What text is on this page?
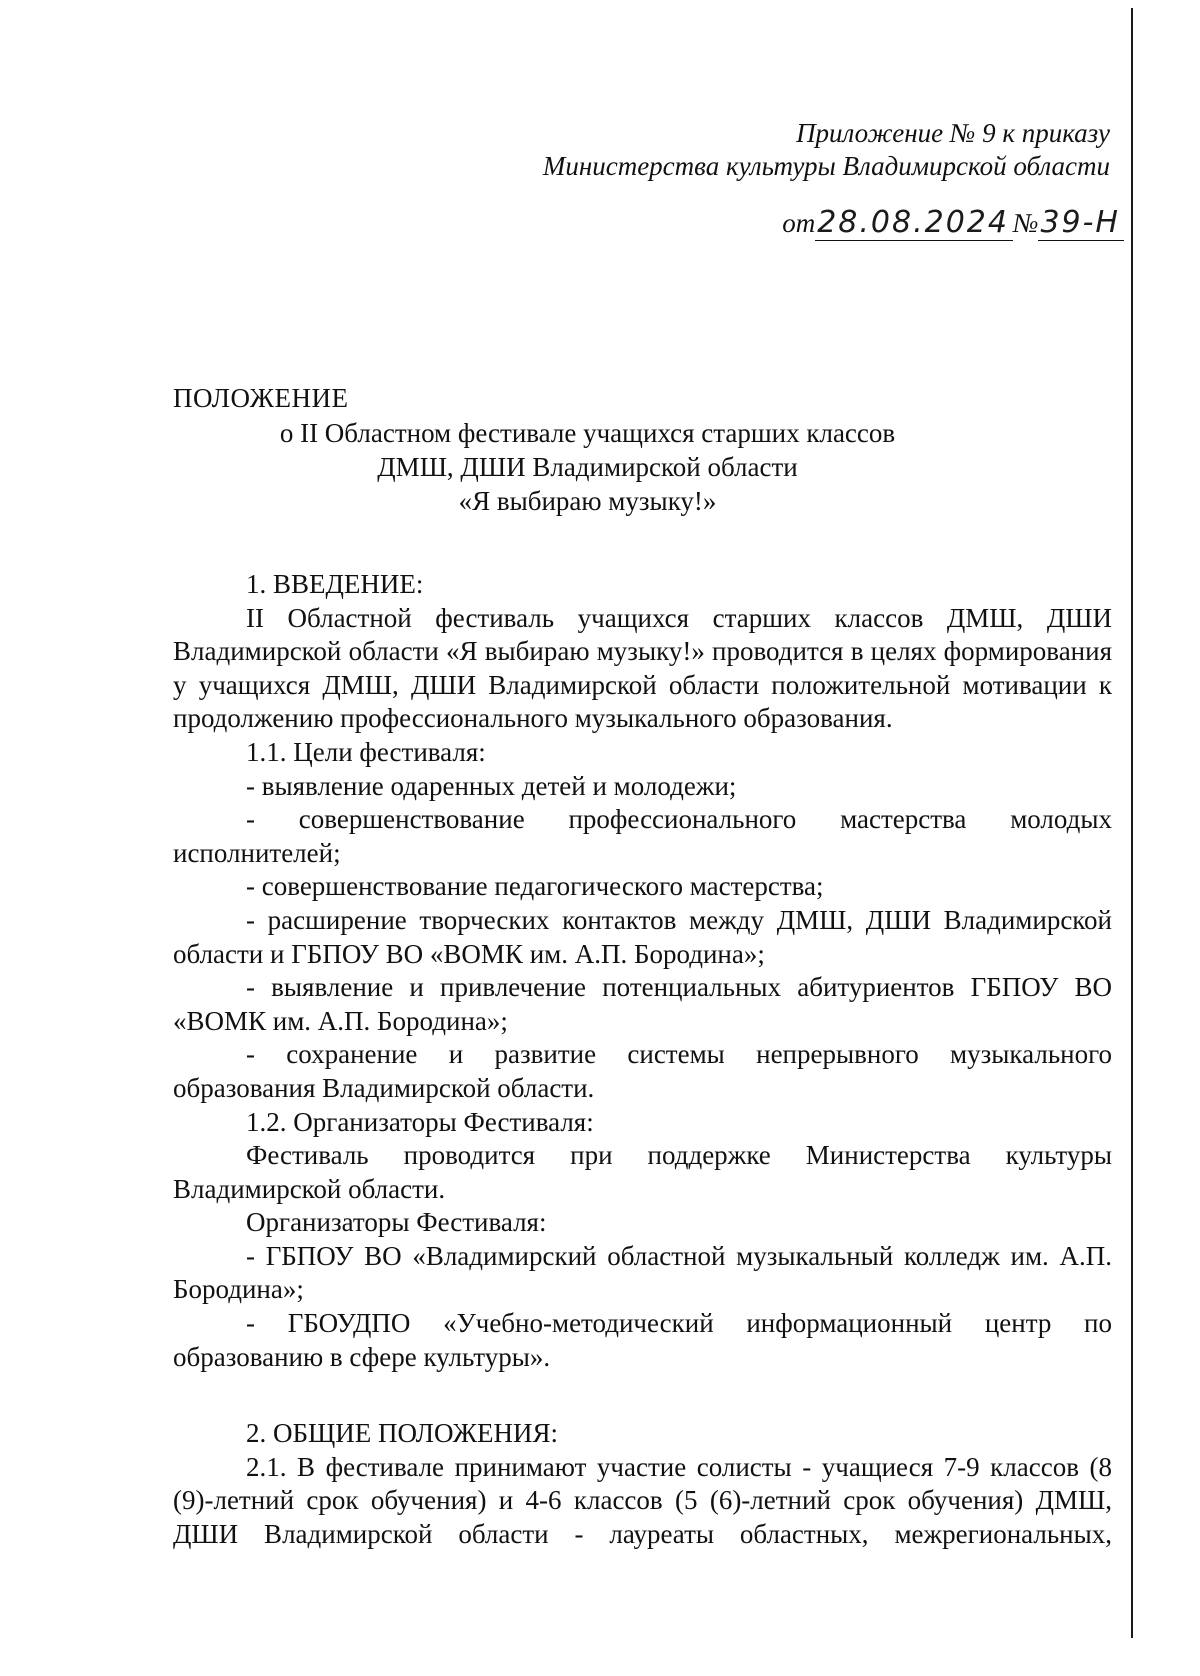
Приложение № 9 к приказу
Министерства культуры Владимирской области
от28.08.2024 №39-Н
ПОЛОЖЕНИЕ
о II Областном фестивале учащихся старших классов
ДМШ, ДШИ Владимирской области
«Я выбираю музыку!»

1. ВВЕДЕНИЕ:

II Областной фестиваль учащихся старших классов ДМШ, ДШИ Владимирской области «Я выбираю музыку!» проводится в целях формирования у учащихся ДМШ, ДШИ Владимирской области положительной мотивации к продолжению профессионального музыкального образования.

1.1. Цели фестиваля:

- выявление одаренных детей и молодежи;

- совершенствование профессионального мастерства молодых исполнителей;

- совершенствование педагогического мастерства;

- расширение творческих контактов между ДМШ, ДШИ Владимирской области и ГБПОУ ВО «ВОМК им. А.П. Бородина»;

- выявление и привлечение потенциальных абитуриентов ГБПОУ ВО «ВОМК им. А.П. Бородина»;

- сохранение и развитие системы непрерывного музыкального образования Владимирской области.

1.2. Организаторы Фестиваля:

Фестиваль проводится при поддержке Министерства культуры Владимирской области.

Организаторы Фестиваля:

- ГБПОУ ВО «Владимирский областной музыкальный колледж им. А.П. Бородина»;

- ГБОУДПО «Учебно-методический информационный центр по образованию в сфере культуры».

2. ОБЩИЕ ПОЛОЖЕНИЯ:

2.1. В фестивале принимают участие солисты - учащиеся 7-9 классов (8 (9)-летний срок обучения) и 4-6 классов (5 (6)-летний срок обучения) ДМШ, ДШИ Владимирской области - лауреаты областных, межрегиональных,
